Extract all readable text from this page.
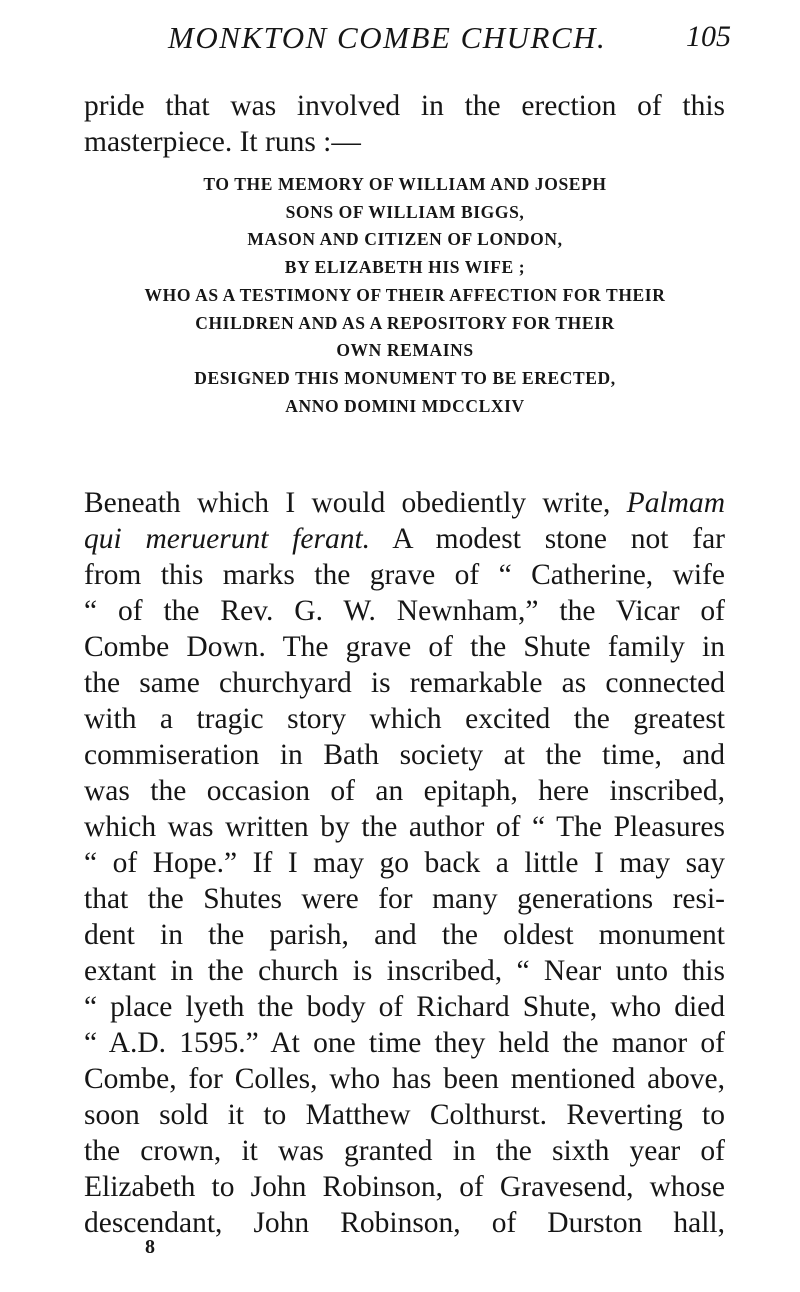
MONKTON COMBE CHURCH.	105

pride that was involved in the erection of this
masterpiece. It runs :—

TO THE MEMORY OF WILLIAM AND JOSEPH
SONS OF WILLIAM BIGGS,
MASON AND CITIZEN OF LONDON,
BY ELIZABETH HIS WIFE ;
WHO AS A TESTIMONY OF THEIR AFFECTION FOR THEIR
CHILDREN AND AS A REPOSITORY FOR THEIR
OWN REMAINS
DESIGNED THIS MONUMENT TO BE ERECTED,
ANNO DOMINI MDCCLXIV

Beneath which I would obediently write, Palmam
qui meruerunt ferant. A modest stone not far
from this marks the grave of “ Catherine, wife
“ of the Rev. G. W. Newnham,” the Vicar of
Combe Down. The grave of the Shute family in
the same churchyard is remarkable as connected
with a tragic story which excited the greatest
commiseration in Bath society at the time, and
was the occasion of an epitaph, here inscribed,
which was written by the author of “ The Pleasures
“ of Hope.” If I may go back a little I may say
that the Shutes were for many generations resi-
dent in the parish, and the oldest monument
extant in the church is inscribed, “ Near unto this
“ place lyeth the body of Richard Shute, who died
“ A.D. 1595.” At one time they held the manor of
Combe, for Colles, who has been mentioned above,
soon sold it to Matthew Colthurst. Reverting to
the crown, it was granted in the sixth year of
Elizabeth to John Robinson, of Gravesend, whose
descendant, John Robinson, of Durston hall,

8
